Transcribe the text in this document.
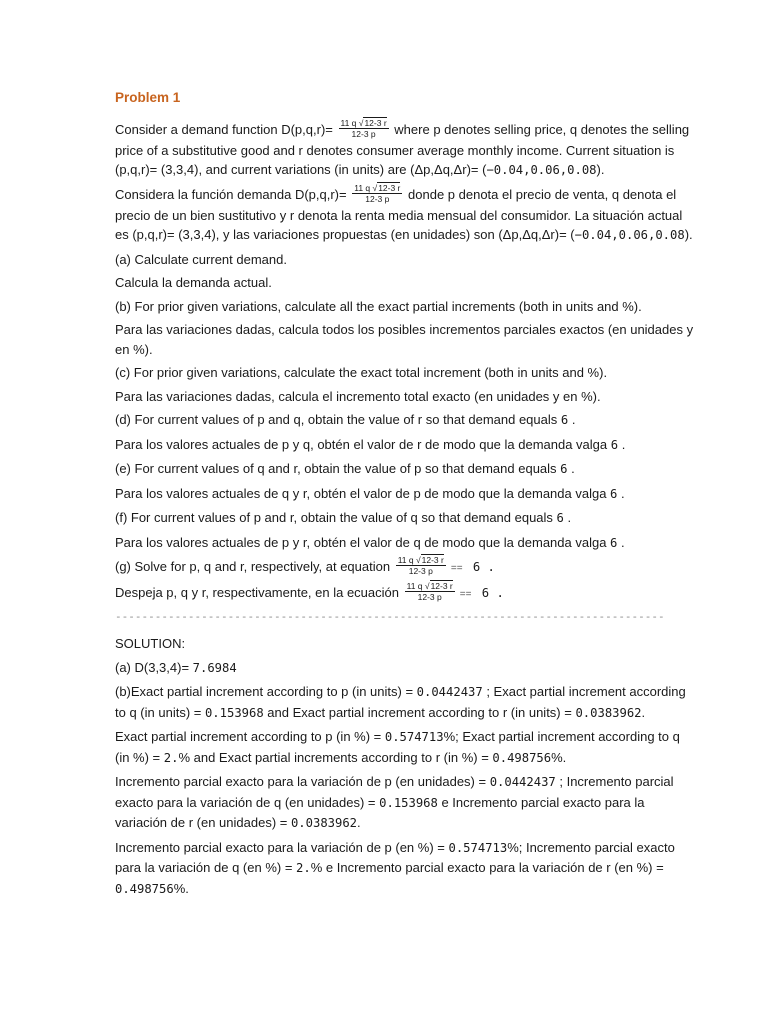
Problem 1

Consider a demand function $D(p,q,r)= \frac{11 q √12-3 r}{12-3 p}$ where p denotes selling price, q denotes the selling price of a substitutive good and r denotes consumer average monthly income. Current situation is (p,q,r)= (3,3,4), and current variations (in units) are (Δp,Δq,Δr)= (−0.04,0.06,0.08).

Considera la función demanda $D(p,q,r)= \frac{11 q √12-3 r}{12-3 p}$ donde p denota el precio de venta, q denota el precio de un bien sustitutivo y r denota la renta media mensual del consumidor. La situación actual es (p,q,r)= (3,3,4), y las variaciones propuestas (en unidades) son (Δp,Δq,Δr)= (−0.04,0.06,0.08).

(a) Calculate current demand.

Calcula la demanda actual.

(b) For prior given variations, calculate all the exact partial increments (both in units and %).

Para las variaciones dadas, calcula todos los posibles incrementos parciales exactos (en unidades y en %).

(c) For prior given variations, calculate the exact total increment (both in units and %).

Para las variaciones dadas, calcula el incremento total exacto (en unidades y en %).

(d) For current values of p and q, obtain the value of r so that demand equals 6 .

Para los valores actuales de p y q, obtén el valor de r de modo que la demanda valga 6 .

(e) For current values of q and r, obtain the value of p so that demand equals 6 .

Para los valores actuales de q y r, obtén el valor de p de modo que la demanda valga 6 .

(f) For current values of p and r, obtain the value of q so that demand equals 6 .

Para los valores actuales de p y r, obtén el valor de q de modo que la demanda valga 6 .

(g) Solve for p, q and r, respectively, at equation $\frac{11 q √12-3 r}{12-3 p} == 6$ .

Despeja p, q y r, respectivamente, en la ecuación $\frac{11 q √12-3 r}{12-3 p} == 6$ .

-----------------------------------------------------------------------------------

SOLUTION:

(a) D(3,3,4)= 7.6984

(b)Exact partial increment according to p (in units) = 0.0442437 ; Exact partial increment according to q (in units) = 0.153968 and Exact partial increment according to r (in units) = 0.0383962.

Exact partial increment according to p (in %) = 0.574713%; Exact partial increment according to q (in %) = 2.% and Exact partial increments according to r (in %) = 0.498756%.

Incremento parcial exacto para la variación de p (en unidades) = 0.0442437 ; Incremento parcial exacto para la variación de q (en unidades) = 0.153968 e Incremento parcial exacto para la variación de r (en unidades) = 0.0383962.

Incremento parcial exacto para la variación de p (en %) = 0.574713%; Incremento parcial exacto para la variación de q (en %) = 2.% e Incremento parcial exacto para la variación de r (en %) = 0.498756%.
